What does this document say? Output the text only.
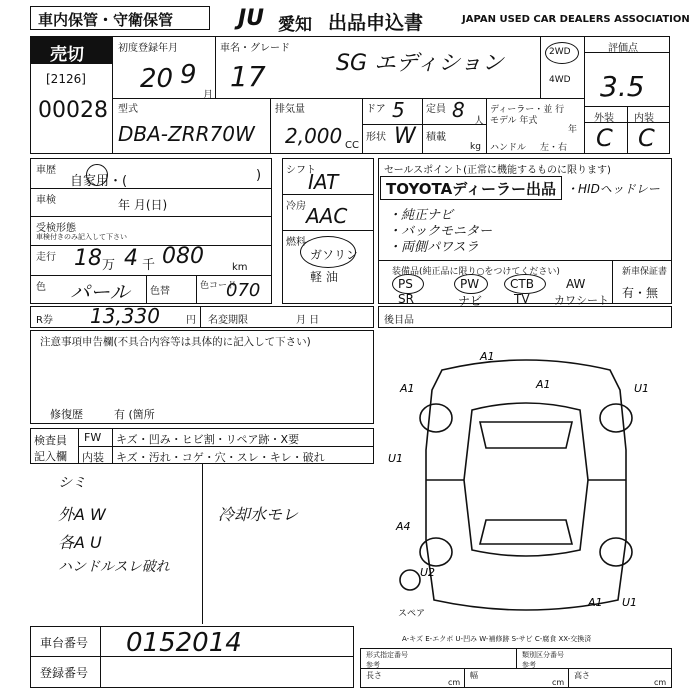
車内保管・守衛保管	JU 愛知 出品申込書	JAPAN USED CAR DEALERS ASSOCIATION
売切
[2126]
00028
初度登録年月
20 9
月
車名・グレード
17	SG エディション	2WD
4WD
評価点
3.5
外装 内装
C C
型式
DBA-ZRR70W
排気量
2,000 CC
ドア 5 定員 8 人
形状 W 積載
kg
ディーラー・並 行
モデル 年式
年
ハンドル 左・右
車歴
自家用・(	)
車検	年 月(日)
受検形態
車検付きのみ記入して下さい
走行 18 万 4 千 080	km
色 パール 色替	色コード
070
シフト
IAT
冷房 AAC
燃料
ガソリン
軽 油
R券 13,330	円 名変期限	月 日
セールスポイント(正常に機能するものに限ります)
TOYOTAディーラー出品 ・HIDヘッドレー
・純正ナビ
・バックモニター
・両側パワスラ
装備品(純正品に限り○をつけてください)	新車保証書
有・無
PS	PW	CTB	AW
SR	ナビ	TV カワシート
後目品
注意事項申告欄(不具合内容等は具体的に記入して下さい)
修復歴	有 (箇所
検査員
記入欄
FW キズ・凹み・ヒビ割・リペア跡・X要
内装 キズ・汚れ・コゲ・穴・スレ・キレ・破れ
シミ
外A W	冷却水モレ
各A U
ハンドルスレ破れ
A1
A1	A1	U1
U1
A4
U2
A1 U1
スペア
A-キズ E-エクボ U-凹み W-補修跡 S-サビ C-腐食 XX-交換済
車台番号 0152014
登録番号
形式指定番号	類別区分番号
参考	参考
長さ
cm
幅
cm
高さ
cm
